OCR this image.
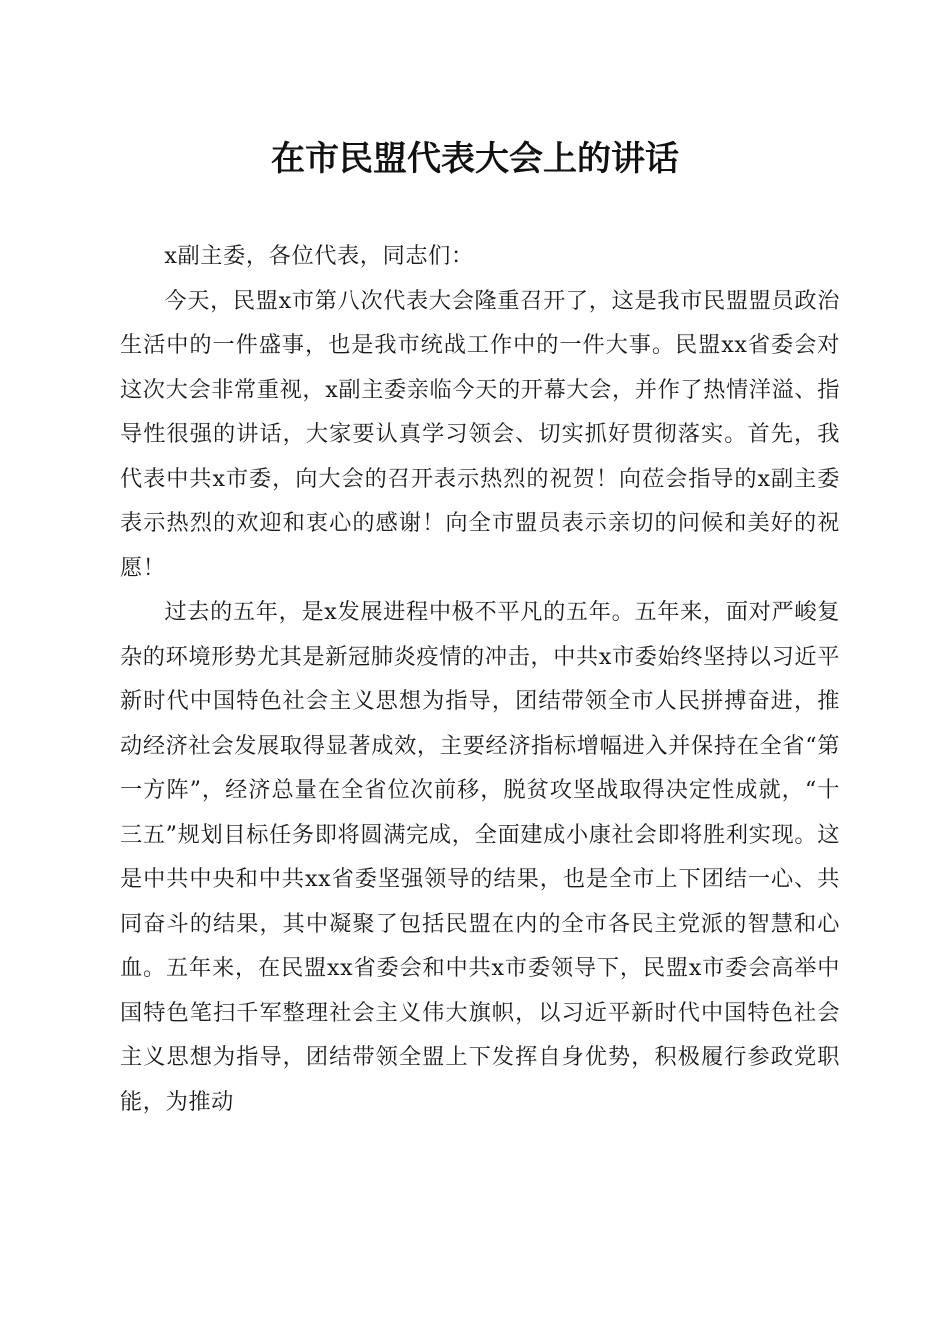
在市民盟代表大会上的讲话

x副主委，各位代表，同志们：

今天，民盟x市第八次代表大会隆重召开了，这是我市民盟盟员政治生活中的一件盛事，也是我市统战工作中的一件大事。民盟xx省委会对这次大会非常重视，x副主委亲临今天的开幕大会，并作了热情洋溢、指导性很强的讲话，大家要认真学习领会、切实抓好贯彻落实。首先，我代表中共x市委，向大会的召开表示热烈的祝贺！向莅会指导的x副主委表示热烈的欢迎和衷心的感谢！向全市盟员表示亲切的问候和美好的祝愿！

过去的五年，是x发展进程中极不平凡的五年。五年来，面对严峻复杂的环境形势尤其是新冠肺炎疫情的冲击，中共x市委始终坚持以习近平新时代中国特色社会主义思想为指导，团结带领全市人民拼搏奋进，推动经济社会发展取得显著成效，主要经济指标增幅进入并保持在全省“第一方阵”，经济总量在全省位次前移，脱贫攻坚战取得决定性成就，“十三五”规划目标任务即将圆满完成，全面建成小康社会即将胜利实现。这是中共中央和中共xx省委坚强领导的结果，也是全市上下团结一心、共同奋斗的结果，其中凝聚了包括民盟在内的全市各民主党派的智慧和心血。五年来，在民盟xx省委会和中共x市委领导下，民盟x市委会高举中国特色笔扫千军整理社会主义伟大旗帜，以习近平新时代中国特色社会主义思想为指导，团结带领全盟上下发挥自身优势，积极履行参政党职能，为推动
